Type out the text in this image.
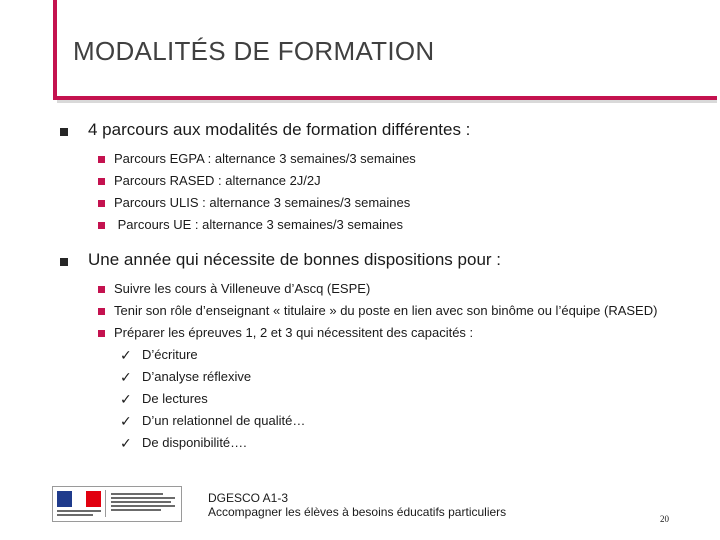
MODALITÉS DE FORMATION
4 parcours aux modalités de formation différentes :
Parcours EGPA : alternance 3 semaines/3 semaines
Parcours RASED : alternance 2J/2J
Parcours ULIS : alternance 3 semaines/3 semaines
Parcours UE : alternance 3 semaines/3 semaines
Une année qui nécessite de bonnes dispositions pour :
Suivre les cours à Villeneuve d’Ascq (ESPE)
Tenir son rôle d’enseignant « titulaire » du poste en lien avec son binôme ou l’équipe (RASED)
Préparer les épreuves 1, 2 et 3 qui nécessitent des capacités :
✓ D’écriture
✓ D’analyse réflexive
✓ De lectures
✓ D’un relationnel de qualité…
✓ De disponibilité….
DGESCO A1-3
Accompagner les élèves à besoins éducatifs particuliers	20
